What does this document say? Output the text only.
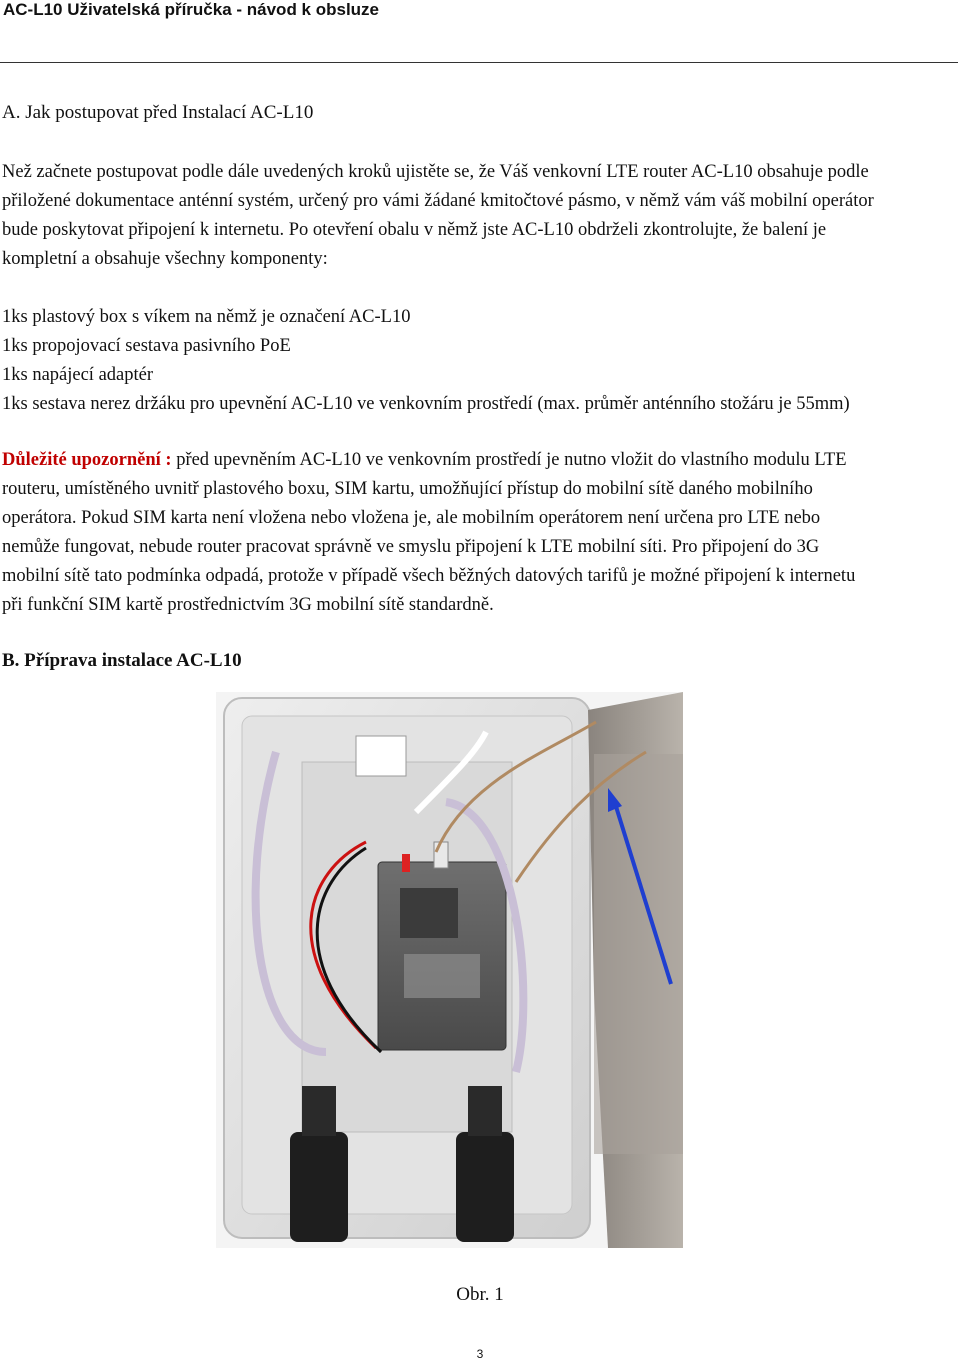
AC-L10 Uživatelská příručka - návod k obsluze
A. Jak postupovat před Instalací AC-L10
Než začnete postupovat podle dále uvedených kroků ujistěte se, že Váš venkovní LTE router AC-L10 obsahuje podle
přiložené dokumentace anténní systém, určený pro vámi žádané kmitočtové pásmo, v němž vám váš mobilní operátor
bude poskytovat připojení k internetu. Po otevření obalu v němž jste AC-L10 obdrželi zkontrolujte, že balení je
kompletní a obsahuje všechny komponenty:
1ks plastový box s víkem na němž je označení AC-L10
1ks propojovací sestava pasivního PoE
1ks napájecí adaptér
1ks sestava nerez držáku pro upevnění AC-L10 ve venkovním prostředí (max. průměr anténního stožáru je 55mm)
Důležité upozornění : před upevněním AC-L10 ve venkovním prostředí je nutno vložit do vlastního modulu LTE
routeru, umístěného uvnitř plastového boxu, SIM kartu, umožňující přístup do mobilní sítě daného mobilního
operátora. Pokud SIM karta není vložena nebo vložena je, ale mobilním operátorem není určena pro LTE nebo
nemůže fungovat, nebude router pracovat správně ve smyslu připojení k LTE mobilní síti. Pro připojení do 3G
mobilní sítě tato podmínka odpadá, protože v případě všech běžných datových tarifů je možné připojení k internetu
při funkční SIM kartě prostřednictvím 3G mobilní sítě standardně.
B. Příprava instalace AC-L10
Obr. 1
3
